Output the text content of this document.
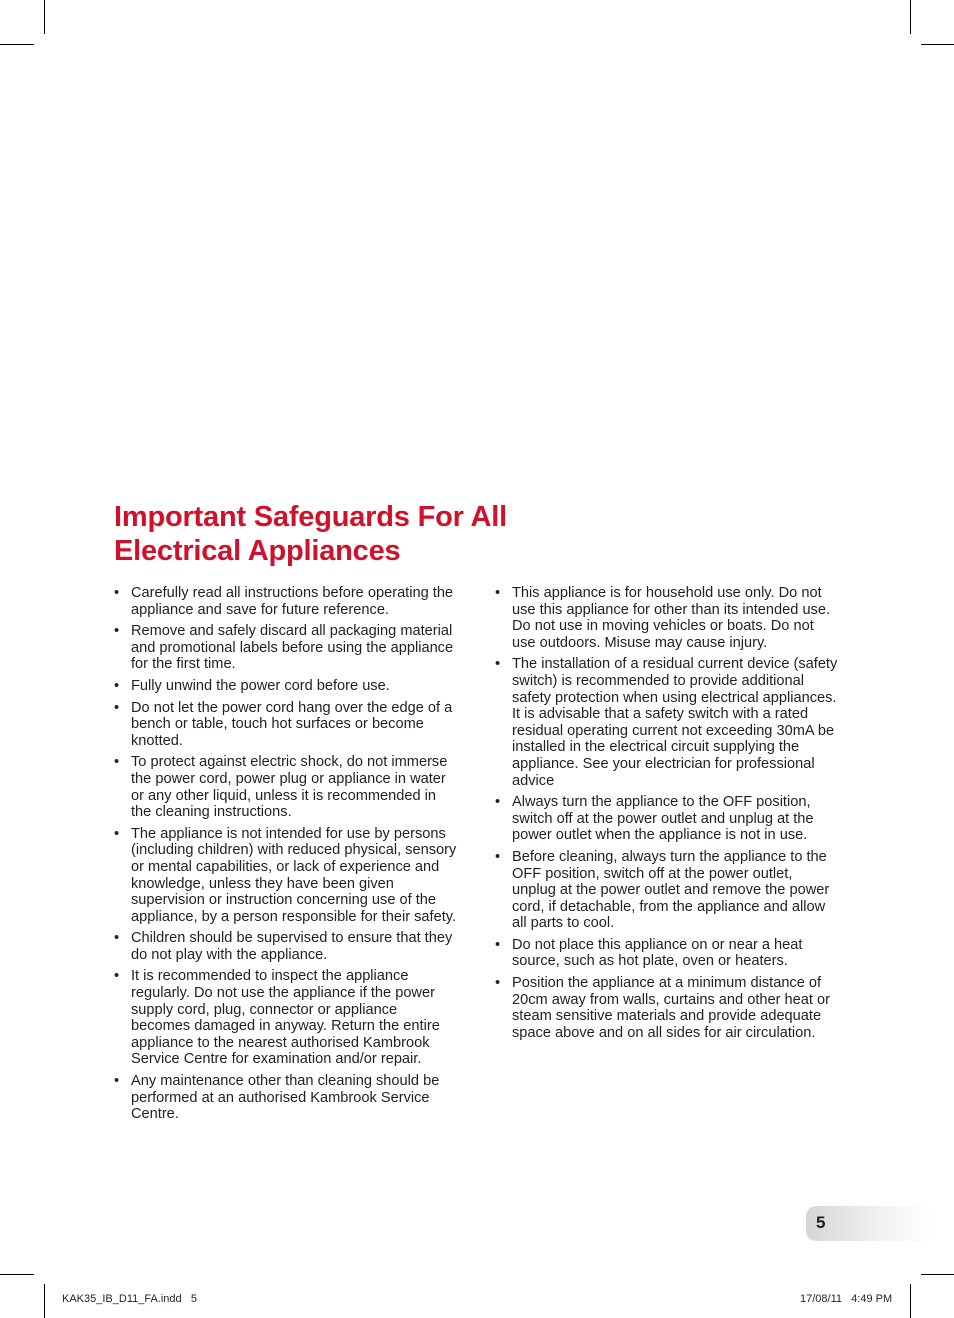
Important Safeguards For All
Electrical Appliances
• Carefully read all instructions before operating the appliance and save for future reference.
• Remove and safely discard all packaging material and promotional labels before using the appliance for the first time.
• Fully unwind the power cord before use.
• Do not let the power cord hang over the edge of a bench or table, touch hot surfaces or become knotted.
• To protect against electric shock, do not immerse the power cord, power plug or appliance in water or any other liquid, unless it is recommended in the cleaning instructions.
• The appliance is not intended for use by persons (including children) with reduced physical, sensory or mental capabilities, or lack of experience and knowledge, unless they have been given supervision or instruction concerning use of the appliance, by a person responsible for their safety.
• Children should be supervised to ensure that they do not play with the appliance.
• It is recommended to inspect the appliance regularly. Do not use the appliance if the power supply cord, plug, connector or appliance becomes damaged in anyway. Return the entire appliance to the nearest authorised Kambrook Service Centre for examination and/or repair.
• Any maintenance other than cleaning should be performed at an authorised Kambrook Service Centre.
• This appliance is for household use only. Do not use this appliance for other than its intended use. Do not use in moving vehicles or boats. Do not use outdoors. Misuse may cause injury.
• The installation of a residual current device (safety switch) is recommended to provide additional safety protection when using electrical appliances. It is advisable that a safety switch with a rated residual operating current not exceeding 30mA be installed in the electrical circuit supplying the appliance. See your electrician for professional advice
• Always turn the appliance to the OFF position, switch off at the power outlet and unplug at the power outlet when the appliance is not in use.
• Before cleaning, always turn the appliance to the OFF position, switch off at the power outlet, unplug at the power outlet and remove the power cord, if detachable, from the appliance and allow all parts to cool.
• Do not place this appliance on or near a heat source, such as hot plate, oven or heaters.
• Position the appliance at a minimum distance of 20cm away from walls, curtains and other heat or steam sensitive materials and provide adequate space above and on all sides for air circulation.
5
KAK35_IB_D11_FA.indd   5	17/08/11   4:49 PM
